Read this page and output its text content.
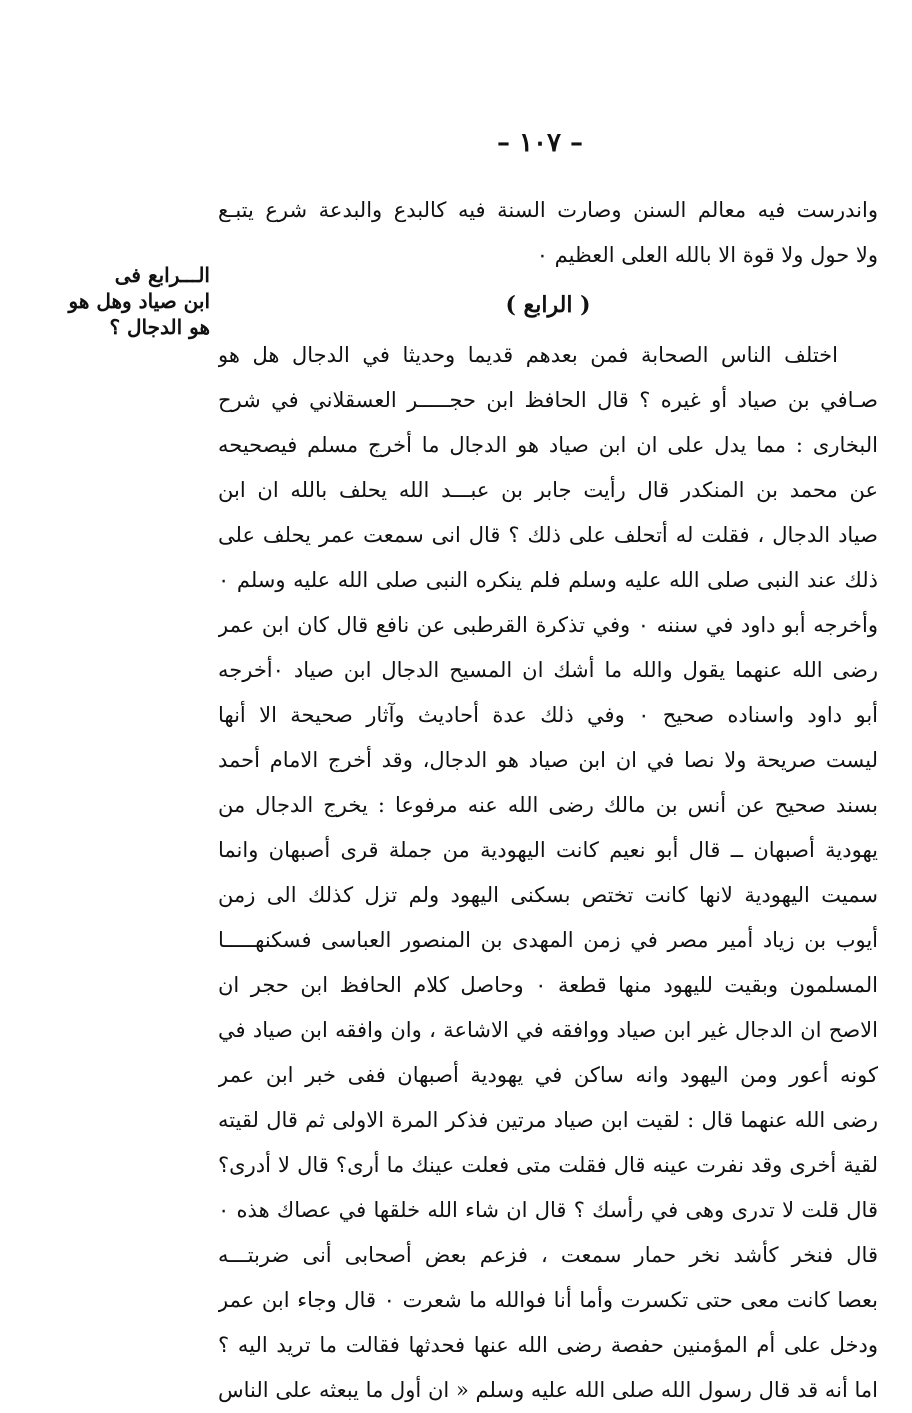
– ١٠٧ –
الـــرابع فى
ابن صياد وهل هو
هو الدجال ؟
واندرست فيه معالم السنن وصارت السنة فيه كالبدع والبدعة شرع يتبـع
ولا حول ولا قوة الا بالله العلى العظيم ٠
( الرابع )
اختلف الناس الصحابة فمن بعدهم قديما وحديثا في الدجال هل هو
صـافي بن صياد أو غيره ؟ قال الحافظ ابن حجـــــر العسقلاني في شرح
البخارى : مما يدل على ان ابن صياد هو الدجال ما أخرج مسلم فيصحيحه
عن محمد بن المنكدر قال رأيت جابر بن عبـــد الله يحلف بالله ان ابن
صياد الدجال ، فقلت له أتحلف على ذلك ؟ قال انى سمعت عمر يحلف على
ذلك عند النبى صلى الله عليه وسلم فلم ينكره النبى صلى الله عليه وسلم ٠
وأخرجه أبو داود في سننه ٠ وفي تذكرة القرطبى عن نافع قال كان ابن عمر
رضى الله عنهما يقول والله ما أشك ان المسيح الدجال ابن صياد ٠أخرجه
أبو داود واسناده صحيح ٠ وفي ذلك عدة أحاديث وآثار صحيحة الا أنها
ليست صريحة ولا نصا في ان ابن صياد هو الدجال، وقد أخرج الامام أحمد
بسند صحيح عن أنس بن مالك رضى الله عنه مرفوعا : يخرج الدجال من
يهودية أصبهان ــ قال أبو نعيم كانت اليهودية من جملة قرى أصبهان وانما
سميت اليهودية لانها كانت تختص بسكنى اليهود ولم تزل كذلك الى زمن
أيوب بن زياد أمير مصر في زمن المهدى بن المنصور العباسى فسكنهـــــا
المسلمون وبقيت لليهود منها قطعة ٠ وحاصل كلام الحافظ ابن حجر ان
الاصح ان الدجال غير ابن صياد ووافقه في الاشاعة ، وان وافقه ابن صياد في
كونه أعور ومن اليهود وانه ساكن في يهودية أصبهان ففى خبر ابن عمر
رضى الله عنهما قال : لقيت ابن صياد مرتين فذكر المرة الاولى ثم قال لقيته
لقية أخرى وقد نفرت عينه قال فقلت متى فعلت عينك ما أرى؟ قال لا أدرى؟
قال قلت لا تدرى وهى في رأسك ؟ قال ان شاء الله خلقها في عصاك هذه ٠
قال فنخر كأشد نخر حمار سمعت ، فزعم بعض أصحابى أنى ضربتـــه
بعصا كانت معى حتى تكسرت وأما أنا فوالله ما شعرت ٠ قال وجاء ابن عمر
ودخل على أم المؤمنين حفصة رضى الله عنها فحدثها فقالت ما تريد اليه ؟
اما أنه قد قال رسول الله صلى الله عليه وسلم « ان أول ما يبعثه على الناس
